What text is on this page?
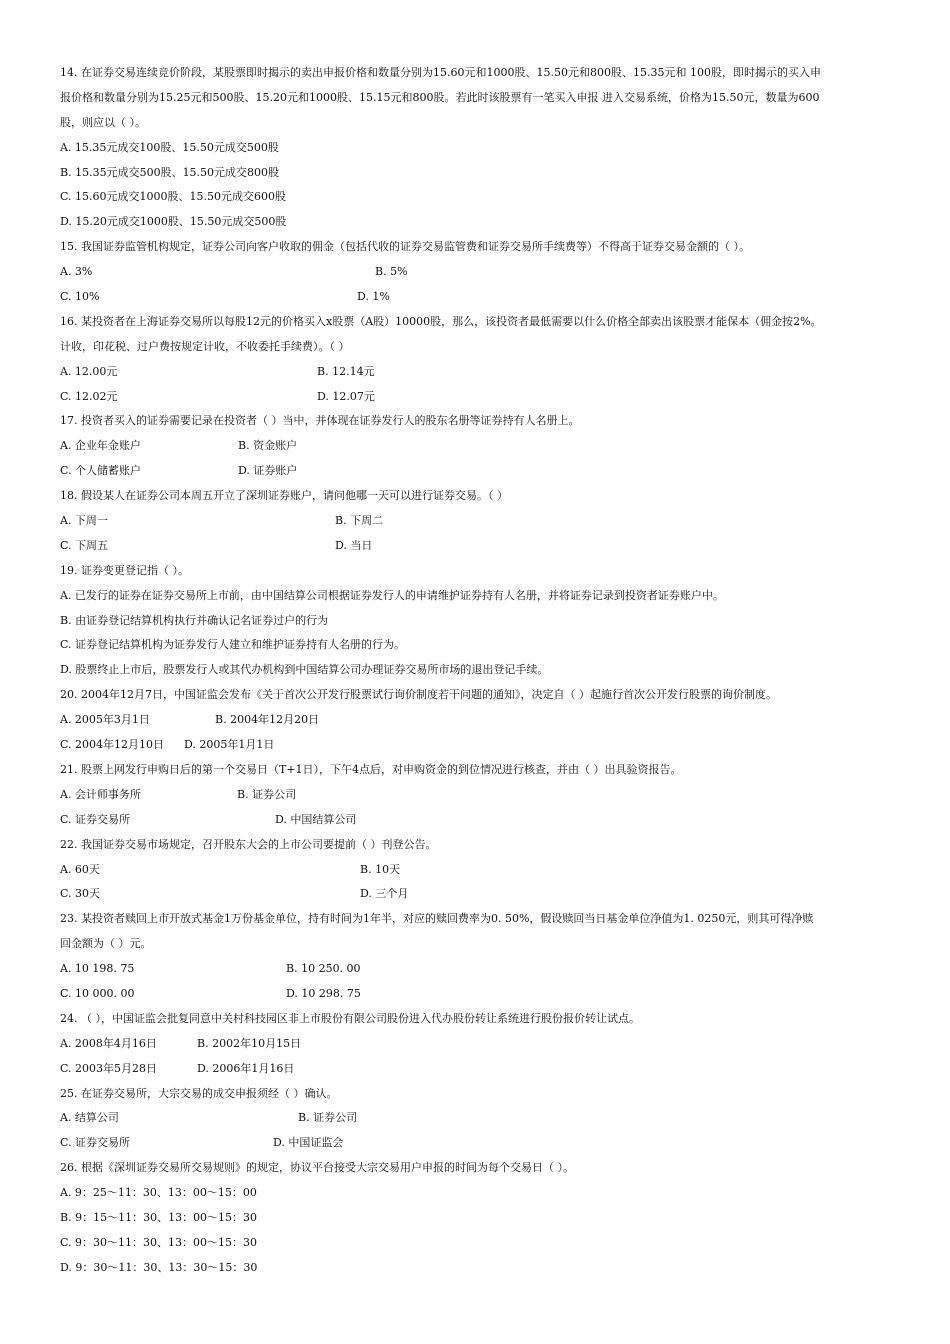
14. 在证券交易连续竞价阶段，某股票即时揭示的卖出申报价格和数量分别为15.60元和1000股、15.50元和800股、15.35元和 100股，即时揭示的买入申
报价格和数量分别为15.25元和500股、15.20元和1000股、15.15元和800股。若此时该股票有一笔买入申报 进入交易系统，价格为15.50元，数量为600
股，则应以（ ）。
A. 15.35元成交100股、15.50元成交500股
B. 15.35元成交500股、15.50元成交800股
C. 15.60元成交1000股、15.50元成交600股
D. 15.20元成交1000股、15.50元成交500股
15. 我国证券监管机构规定，证券公司向客户收取的佣金（包括代收的证券交易监管费和证券交易所手续费等）不得高于证券交易金额的（ ）。
A. 3%	B. 5%
C. 10%	D. 1%
16. 某投资者在上海证券交易所以每股12元的价格买入x股票（A股）10000股，那么，该投资者最低需要以什么价格全部卖出该股票才能保本（佣金按2%。
计收，印花税、过户费按规定计收，不收委托手续费）。（ ）
A. 12.00元	B. 12.14元
C. 12.02元	D. 12.07元
17. 投资者买入的证券需要记录在投资者（ ）当中，并体现在证券发行人的股东名册等证券持有人名册上。
A. 企业年金账户	B. 资金账户
C. 个人储蓄账户	D. 证券账户
18. 假设某人在证券公司本周五开立了深圳证券账户，请问他哪一天可以进行证券交易。（ ）
A. 下周一	B. 下周二
C. 下周五	D. 当日
19. 证券变更登记指（ ）。
A. 已发行的证券在证券交易所上市前，由中国结算公司根据证券发行人的申请维护证券持有人名册，并将证券记录到投资者证券账户中。
B. 由证券登记结算机构执行并确认记名证券过户的行为
C. 证券登记结算机构为证券发行人建立和维护证券持有人名册的行为。
D. 股票终止上市后，股票发行人或其代办机构到中国结算公司办理证券交易所市场的退出登记手续。
20. 2004年12月7日，中国证监会发布《关于首次公开发行股票试行询价制度若干问题的通知》，决定自（ ）起施行首次公开发行股票的询价制度。
A. 2005年3月1日	B. 2004年12月20日
C. 2004年12月10日 D. 2005年1月1日
21. 股票上网发行申购日后的第一个交易日（T+1日），下午4点后，对申购资金的到位情况进行核查，并由（ ）出具验资报告。
A. 会计师事务所	B. 证券公司
C. 证券交易所	D. 中国结算公司
22. 我国证券交易市场规定，召开股东大会的上市公司要提前（ ）刊登公告。
A. 60天	B. 10天
C. 30天	D. 三个月
23. 某投资者赎回上市开放式基金1万份基金单位，持有时间为1年半，对应的赎回费率为0. 50%，假设赎回当日基金单位净值为1. 0250元，则其可得净赎
回金额为（ ）元。
A. 10 198. 75	B. 10 250. 00
C. 10 000. 00	D. 10 298. 75
24. （ ），中国证监会批复同意中关村科技园区非上市股份有限公司股份进入代办股份转让系统进行股份报价转让试点。
A. 2008年4月16日	B. 2002年10月15日
C. 2003年5月28日	D. 2006年1月16日
25. 在证券交易所，大宗交易的成交申报须经（ ）确认。
A. 结算公司	B. 证券公司
C. 证券交易所	D. 中国证监会
26. 根据《深圳证券交易所交易规则》的规定，协议平台接受大宗交易用户申报的时间为每个交易日（ ）。
A. 9：25～11：30、13：00～15：00
B. 9：15～11：30、13：00～15：30
C. 9：30～11：30、13：00～15：30
D. 9：30～11：30、13：30～15：30
